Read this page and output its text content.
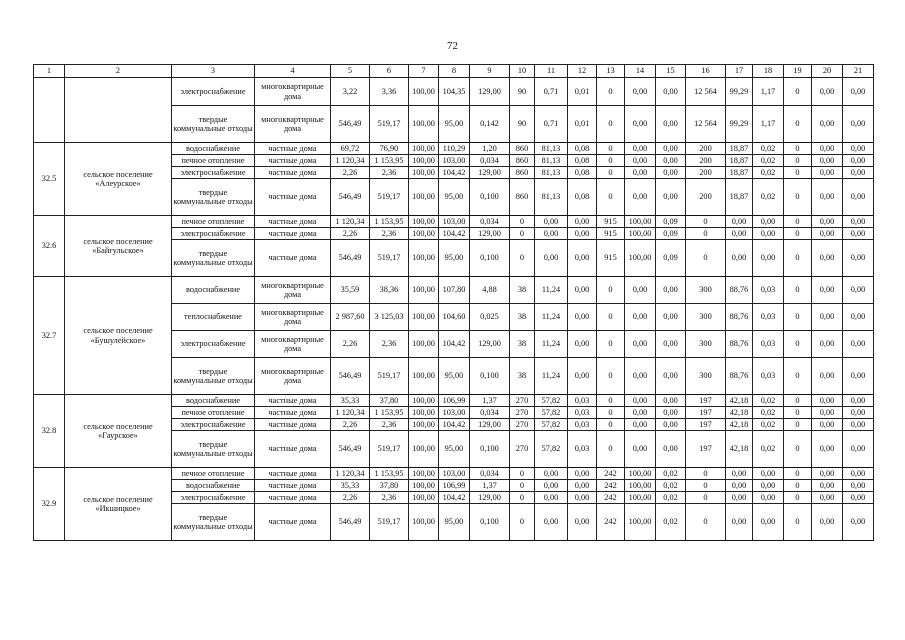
72
1	2	3	4	5	6	7	8	9	10	11	12	13	14	15	16	17	18	19	20	21
		электроснабжение	многоквартирные дома	3,22	3,36	100,00	104,35	129,00	90	0,71	0,01	0	0,00	0,00	12 564	99,29	1,17	0	0,00	0,00
		твердые коммунальные отходы	многоквартирные дома	546,49	519,17	100,00	95,00	0,142	90	0,71	0,01	0	0,00	0,00	12 564	99,29	1,17	0	0,00	0,00
32.5	сельское поселение «Алеурское»	водоснабжение	частные дома	69,72	76,90	100,00	110,29	1,20	860	81,13	0,08	0	0,00	0,00	200	18,87	0,02	0	0,00	0,00
		печное отопление	частные дома	1 120,34	1 153,95	100,00	103,00	0,034	860	81,13	0,08	0	0,00	0,00	200	18,87	0,02	0	0,00	0,00
		электроснабжение	частные дома	2,26	2,36	100,00	104,42	129,00	860	81,13	0,08	0	0,00	0,00	200	18,87	0,02	0	0,00	0,00
		твердые коммунальные отходы	частные дома	546,49	519,17	100,00	95,00	0,100	860	81,13	0,08	0	0,00	0,00	200	18,87	0,02	0	0,00	0,00
32.6	сельское поселение «Байгульское»	печное отопление	частные дома	1 120,34	1 153,95	100,00	103,00	0,034	0	0,00	0,00	915	100,00	0,09	0	0,00	0,00	0	0,00	0,00
		электроснабжение	частные дома	2,26	2,36	100,00	104,42	129,00	0	0,00	0,00	915	100,00	0,09	0	0,00	0,00	0	0,00	0,00
		твердые коммунальные отходы	частные дома	546,49	519,17	100,00	95,00	0,100	0	0,00	0,00	915	100,00	0,09	0	0,00	0,00	0	0,00	0,00
32.7	сельское поселение «Бушулейское»	водоснабжение	многоквартирные дома	35,59	38,36	100,00	107,80	4,88	38	11,24	0,00	0	0,00	0,00	300	88,76	0,03	0	0,00	0,00
		теплоснабжение	многоквартирные дома	2 987,60	3 125,03	100,00	104,60	0,025	38	11,24	0,00	0	0,00	0,00	300	88,76	0,03	0	0,00	0,00
		электроснабжение	многоквартирные дома	2,26	2,36	100,00	104,42	129,00	38	11,24	0,00	0	0,00	0,00	300	88,76	0,03	0	0,00	0,00
		твердые коммунальные отходы	многоквартирные дома	546,49	519,17	100,00	95,00	0,100	38	11,24	0,00	0	0,00	0,00	300	88,76	0,03	0	0,00	0,00
32.8	сельское поселение «Гаурское»	водоснабжение	частные дома	35,33	37,80	100,00	106,99	1,37	270	57,82	0,03	0	0,00	0,00	197	42,18	0,02	0	0,00	0,00
		печное отопление	частные дома	1 120,34	1 153,95	100,00	103,00	0,034	270	57,82	0,03	0	0,00	0,00	197	42,18	0,02	0	0,00	0,00
		электроснабжение	частные дома	2,26	2,36	100,00	104,42	129,00	270	57,82	0,03	0	0,00	0,00	197	42,18	0,02	0	0,00	0,00
		твердые коммунальные отходы	частные дома	546,49	519,17	100,00	95,00	0,100	270	57,82	0,03	0	0,00	0,00	197	42,18	0,02	0	0,00	0,00
32.9	сельское поселение «Икшицкое»	печное отопление	частные дома	1 120,34	1 153,95	100,00	103,00	0,034	0	0,00	0,00	242	100,00	0,02	0	0,00	0,00	0	0,00	0,00
		водоснабжение	частные дома	35,33	37,80	100,00	106,99	1,37	0	0,00	0,00	242	100,00	0,02	0	0,00	0,00	0	0,00	0,00
		электроснабжение	частные дома	2,26	2,36	100,00	104,42	129,00	0	0,00	0,00	242	100,00	0,02	0	0,00	0,00	0	0,00	0,00
		твердые коммунальные отходы	частные дома	546,49	519,17	100,00	95,00	0,100	0	0,00	0,00	242	100,00	0,02	0	0,00	0,00	0	0,00	0,00
